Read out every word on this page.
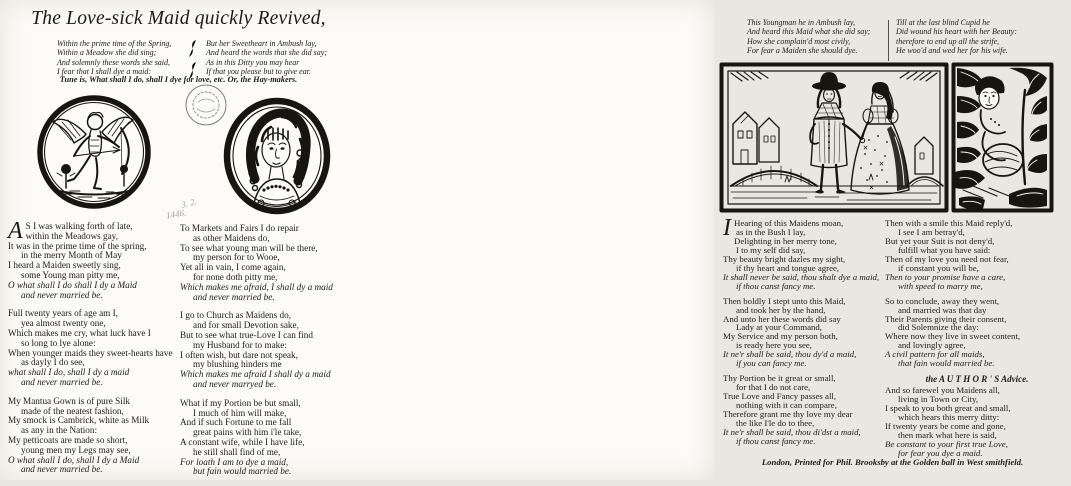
The Love-sick Maid quickly Revived,
Within the prime time of the Spring,
Within a Meadow she did sing;
And solemnly these words she said,
I fear that I shall dye a maid:
But her Sweetheart in Ambush lay,
And heard the words that she did say;
As in this Ditty you may hear
If that you please but to give ear.
Tune is, What shall I do, shall I dye for love, etc. Or, the Hay-makers.
3. 2.
1446.
A S I was walking forth of late,
within the Meadows gay,
It was in the prime time of the spring,
in the merry Month of May
I heard a Maiden sweetly sing,
some Young man pitty me,
O what shall I do shall I dy a Maid
and never married be.
Full twenty years of age am I,
yea almost twenty one,
Which makes me cry, what luck have I
so long to lye alone:
When younger maids they sweet-hearts have
as dayly I do see,
what shall I do, shall I dy a maid
and never married be.
My Mantua Gown is of pure Silk
made of the neatest fashion,
My smock is Cambrick, white as Milk
as any in the Nation:
My petticoats are made so short,
young men my Legs may see,
O what shall I do, shall I dy a Maid
and never married be.
To Markets and Fairs I do repair
as other Maidens do,
To see what young man will be there,
my person for to Wooe,
Yet all in vain, I come again,
for none doth pitty me,
Which makes me afraid, I shall dy a maid
and never married be.
I go to Church as Maidens do,
and for small Devotion sake,
But to see what true-Love I can find
my Husband for to make:
I often wish, but dare not speak,
my blushing hinders me
Which makes me afraid I shall dy a maid
and never marryed be.
What if my Portion be but small,
I much of him will make,
And if such Fortune to me fall
great pains with him i'le take,
A constant wife, while I have life,
he still shall find of me,
For loath I am to dye a maid,
but fain would married be.
This Youngman he in Ambush lay,
And heard this Maid what she did say;
How she complain'd most civily,
For fear a Maiden she should dye.
Till at the last blind Cupid he
Did wound his heart with her Beauty:
therefore to end up all the strife,
He woo'd and wed her for his wife.
I Hearing of this Maidens moan,
as in the Bush I lay,
Delighting in her merry tone,
I to my self did say,
Thy beauty bright dazles my sight,
if thy heart and tongue agree,
It shall never be said, thou shalt dye a maid,
if thou canst fancy me.
Then boldly I stept unto this Maid,
and took her by the hand,
And unto her these words did say
Lady at your Command,
My Service and my person both,
is ready here you see,
It ne'r shall be said, thou dy'd a maid,
if you can fancy me.
Thy Portion be it great or small,
for that I do not care,
True Love and Fancy passes all,
nothing with it can compare,
Therefore grant me thy love my dear
the like I'le do to thee,
It ne'r shall be said, thou di'dst a maid,
if thou canst fancy me.
Then with a smile this Maid reply'd,
I see I am betray'd,
But yet your Suit is not deny'd,
fulfill what you have said:
Then of my love you need not fear,
if constant you will be,
Then to your promise have a care,
with speed to marry me,
So to conclude, away they went,
and married was that day
Their Parents giving their consent,
did Solemnize the day:
Where now they live in sweet content,
and lovingly agree,
A civil pattern for all maids,
that fain would married be.
the A U T H O R ' S Advice.
And so farewel you Maidens all,
living in Town or City,
I speak to you both great and small,
which hears this merry ditty:
If twenty years be come and gone,
then mark what here is said,
Be constant to your first true Love,
for fear you dye a maid.
London, Printed for Phil. Brooksby at the Golden ball in West smithfield.
